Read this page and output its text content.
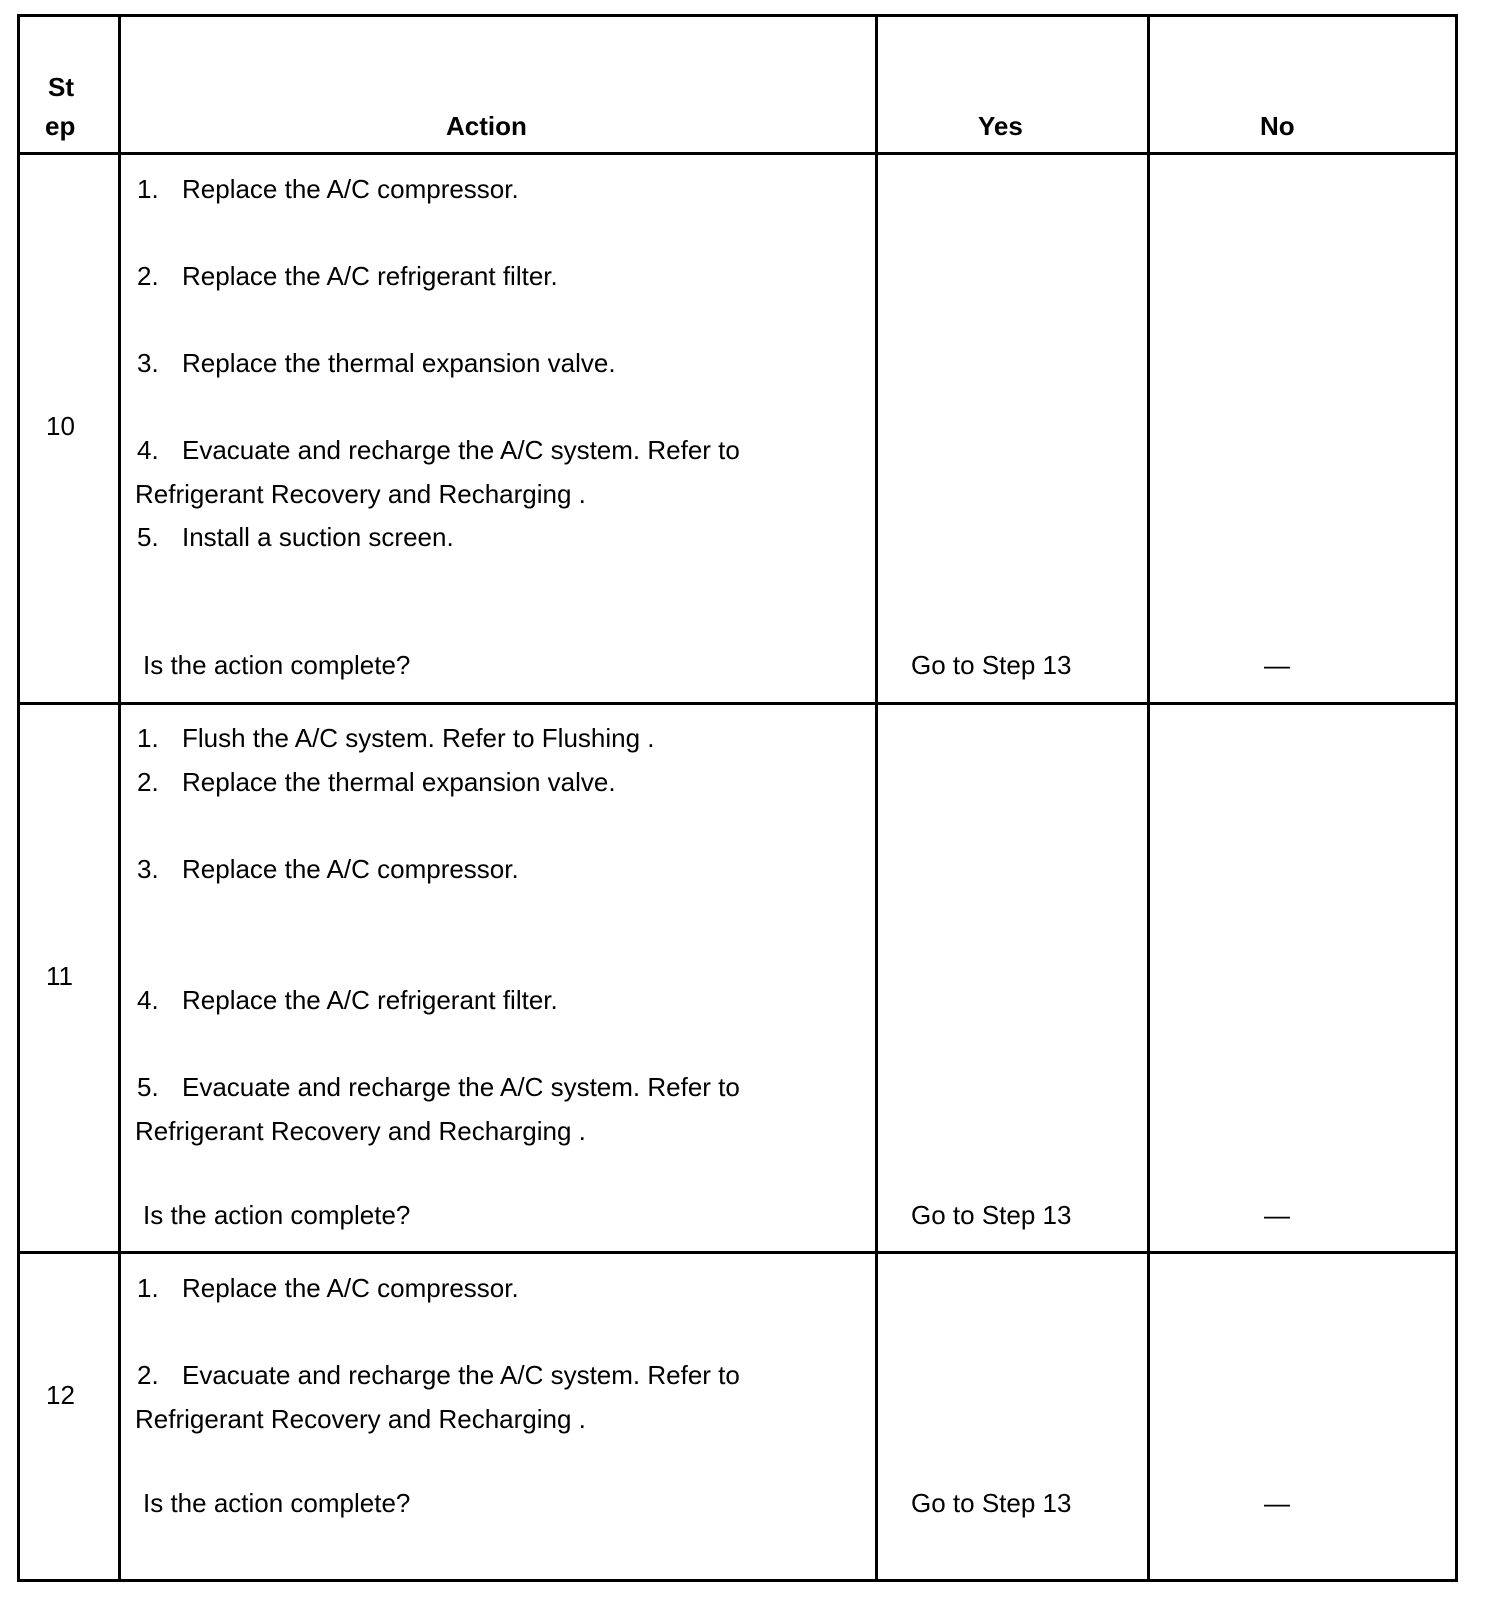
St
ep	Action	Yes	No
10
1. Replace the A/C compressor.
2. Replace the A/C refrigerant filter.
3. Replace the thermal expansion valve.
4. Evacuate and recharge the A/C system. Refer to
Refrigerant Recovery and Recharging .
5. Install a suction screen.
Is the action complete?	Go to Step 13	—
11
1. Flush the A/C system. Refer to Flushing .
2. Replace the thermal expansion valve.
3. Replace the A/C compressor.
4. Replace the A/C refrigerant filter.
5. Evacuate and recharge the A/C system. Refer to
Refrigerant Recovery and Recharging .
Is the action complete?	Go to Step 13	—
12
1. Replace the A/C compressor.
2. Evacuate and recharge the A/C system. Refer to
Refrigerant Recovery and Recharging .
Is the action complete?	Go to Step 13	—
